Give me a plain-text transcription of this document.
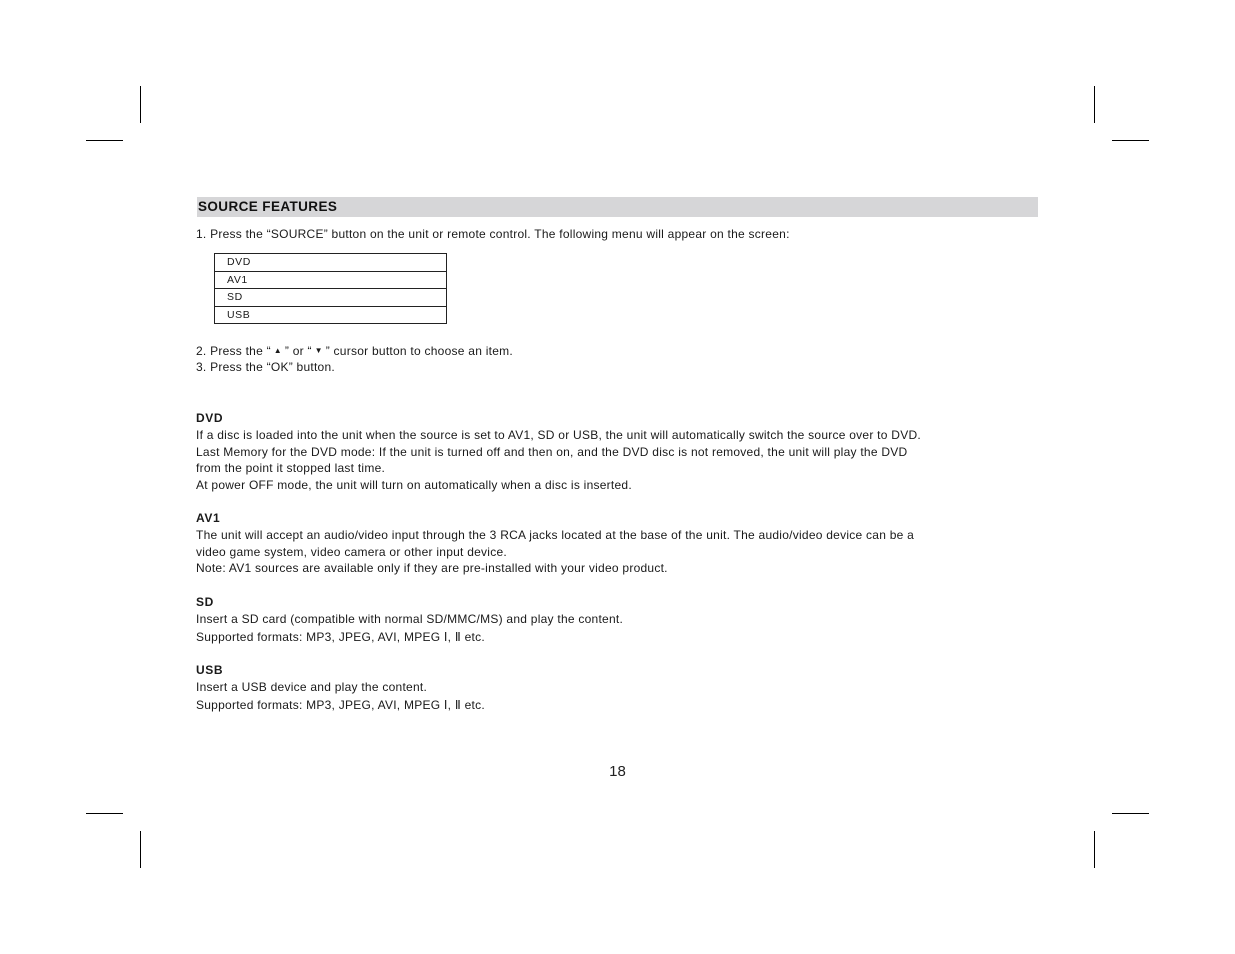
SOURCE FEATURES
1. Press the “SOURCE” button on the unit or remote control. The following menu will appear on the screen:
DVD
AV1
SD
USB
2. Press the “ ▲ ” or “ ▼ ” cursor button to choose an item.
3. Press the “OK” button.
DVD

If a disc is loaded into the unit when the source is set to AV1, SD or USB, the unit will automatically switch the source over to DVD.

Last Memory for the DVD mode: If the unit is turned off and then on, and the DVD disc is not removed, the unit will play the DVD

from the point it stopped last time.

At power OFF mode, the unit will turn on automatically when a disc is inserted.

AV1

The unit will accept an audio/video input through the 3 RCA jacks located at the base of the unit. The audio/video device can be a

video game system, video camera or other input device.

Note: AV1 sources are available only if they are pre-installed with your video product.

SD

Insert a SD card (compatible with normal SD/MMC/MS) and play the content.

Supported formats: MP3, JPEG, AVI, MPEG Ⅰ, Ⅱ etc.

USB

Insert a USB device and play the content.

Supported formats: MP3, JPEG, AVI, MPEG Ⅰ, Ⅱ etc.

18
